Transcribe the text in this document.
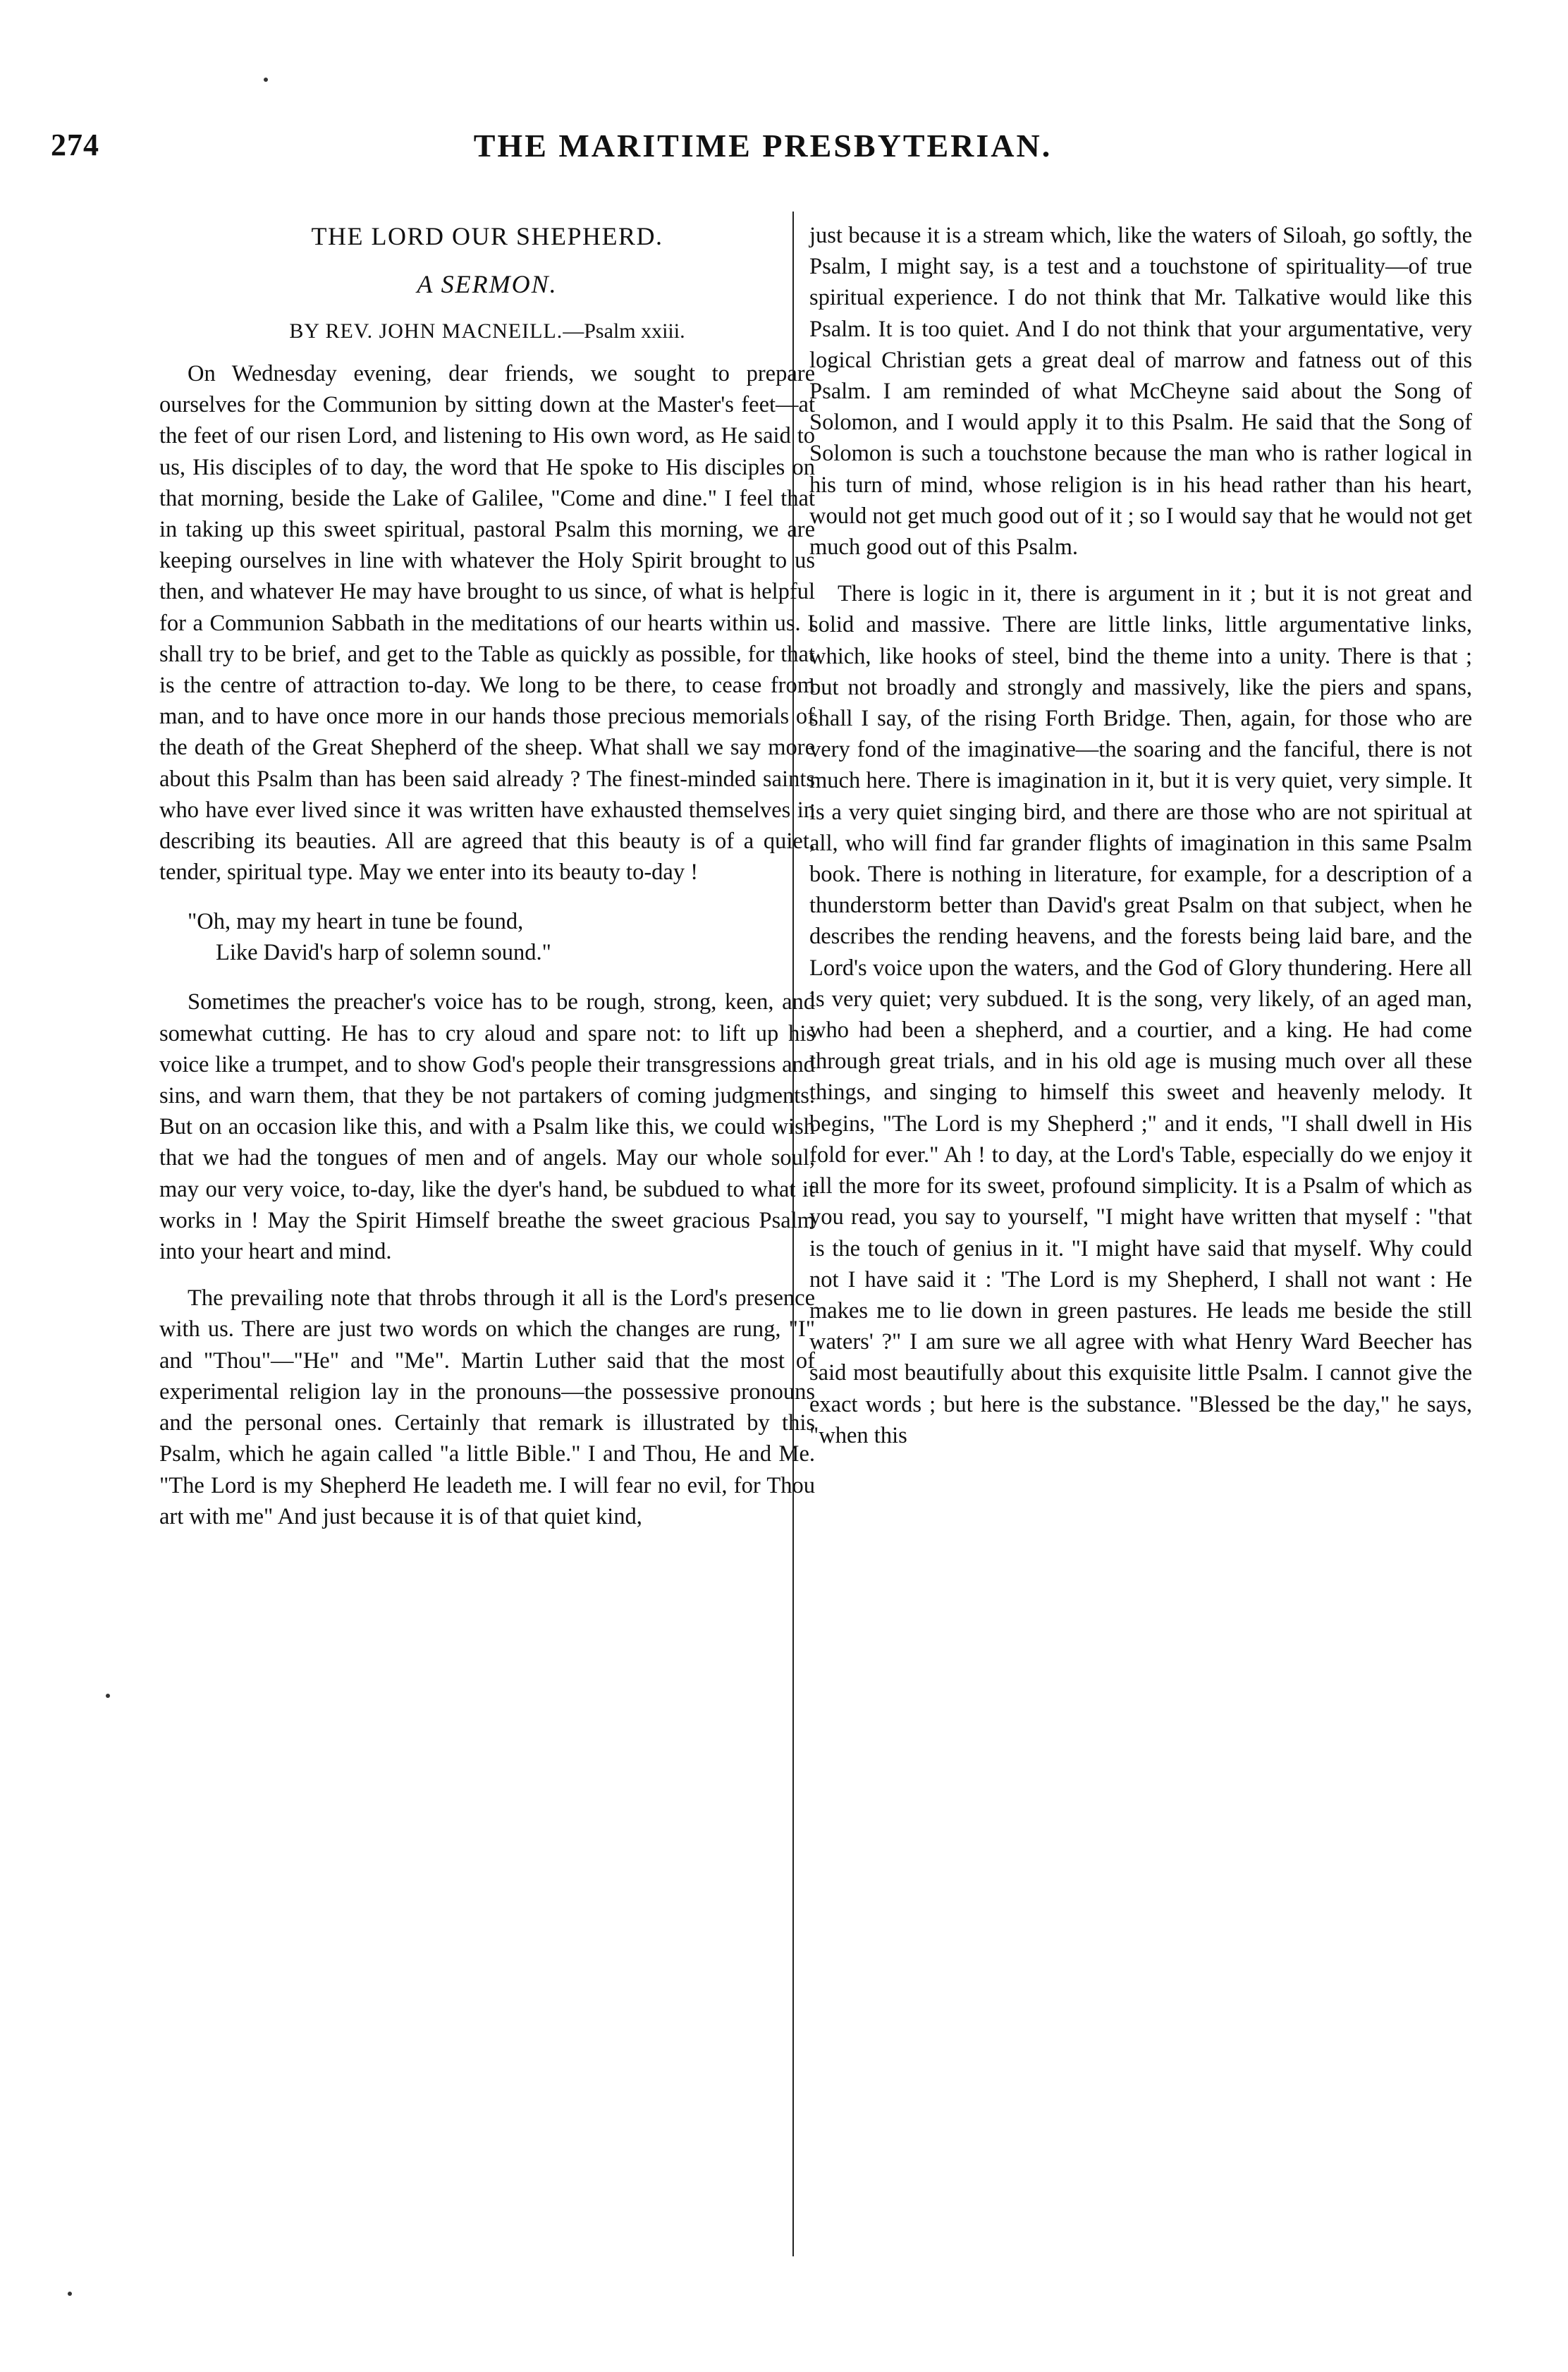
274	THE MARITIME PRESBYTERIAN.
THE LORD OUR SHEPHERD.
A SERMON.
BY REV. JOHN MACNEILL.—Psalm xxiii.

On Wednesday evening, dear friends, we sought to prepare ourselves for the Communion by sitting down at the Master's feet—at the feet of our risen Lord, and listening to His own word, as He said to us, His disciples of to day, the word that He spoke to His disciples on that morning, beside the Lake of Galilee, "Come and dine." I feel that in taking up this sweet spiritual, pastoral Psalm this morning, we are keeping ourselves in line with whatever the Holy Spirit brought to us then, and whatever He may have brought to us since, of what is helpful for a Communion Sabbath in the meditations of our hearts within us. I shall try to be brief, and get to the Table as quickly as possible, for that is the centre of attraction to-day. We long to be there, to cease from man, and to have once more in our hands those precious memorials of the death of the Great Shepherd of the sheep. What shall we say more about this Psalm than has been said already ? The finest-minded saints who have ever lived since it was written have exhausted themselves in describing its beauties. All are agreed that this beauty is of a quiet, tender, spiritual type. May we enter into its beauty to-day !

"Oh, may my heart in tune be found,
Like David's harp of solemn sound."

Sometimes the preacher's voice has to be rough, strong, keen, and somewhat cutting. He has to cry aloud and spare not: to lift up his voice like a trumpet, and to show God's people their transgressions and sins, and warn them, that they be not partakers of coming judgments. But on an occasion like this, and with a Psalm like this, we could wish that we had the tongues of men and of angels. May our whole soul, may our very voice, to-day, like the dyer's hand, be subdued to what it works in ! May the Spirit Himself breathe the sweet gracious Psalm into your heart and mind.

The prevailing note that throbs through it all is the Lord's presence with us. There are just two words on which the changes are rung, "I" and "Thou"—"He" and "Me". Martin Luther said that the most of experimental religion lay in the pronouns—the possessive pronouns and the personal ones. Certainly that remark is illustrated by this Psalm, which he again called "a little Bible." I and Thou, He and Me. "The Lord is my Shepherd He leadeth me. I will fear no evil, for Thou art with me" And just because it is of that quiet kind,

just because it is a stream which, like the waters of Siloah, go softly, the Psalm, I might say, is a test and a touchstone of spirituality—of true spiritual experience. I do not think that Mr. Talkative would like this Psalm. It is too quiet. And I do not think that your argumentative, very logical Christian gets a great deal of marrow and fatness out of this Psalm. I am reminded of what McCheyne said about the Song of Solomon, and I would apply it to this Psalm. He said that the Song of Solomon is such a touchstone because the man who is rather logical in his turn of mind, whose religion is in his head rather than his heart, would not get much good out of it ; so I would say that he would not get much good out of this Psalm.

There is logic in it, there is argument in it ; but it is not great and solid and massive. There are little links, little argumentative links, which, like hooks of steel, bind the theme into a unity. There is that ; but not broadly and strongly and massively, like the piers and spans, shall I say, of the rising Forth Bridge. Then, again, for those who are very fond of the imaginative—the soaring and the fanciful, there is not much here. There is imagination in it, but it is very quiet, very simple. It is a very quiet singing bird, and there are those who are not spiritual at all, who will find far grander flights of imagination in this same Psalm book. There is nothing in literature, for example, for a description of a thunderstorm better than David's great Psalm on that subject, when he describes the rending heavens, and the forests being laid bare, and the Lord's voice upon the waters, and the God of Glory thundering. Here all is very quiet; very subdued. It is the song, very likely, of an aged man, who had been a shepherd, and a courtier, and a king. He had come through great trials, and in his old age is musing much over all these things, and singing to himself this sweet and heavenly melody. It begins, "The Lord is my Shepherd ;" and it ends, "I shall dwell in His fold for ever." Ah ! to day, at the Lord's Table, especially do we enjoy it all the more for its sweet, profound simplicity. It is a Psalm of which as you read, you say to yourself, "I might have written that myself : "that is the touch of genius in it. "I might have said that myself. Why could not I have said it : 'The Lord is my Shepherd, I shall not want : He makes me to lie down in green pastures. He leads me beside the still waters' ?" I am sure we all agree with what Henry Ward Beecher has said most beautifully about this exquisite little Psalm. I cannot give the exact words ; but here is the substance. "Blessed be the day," he says, "when this
